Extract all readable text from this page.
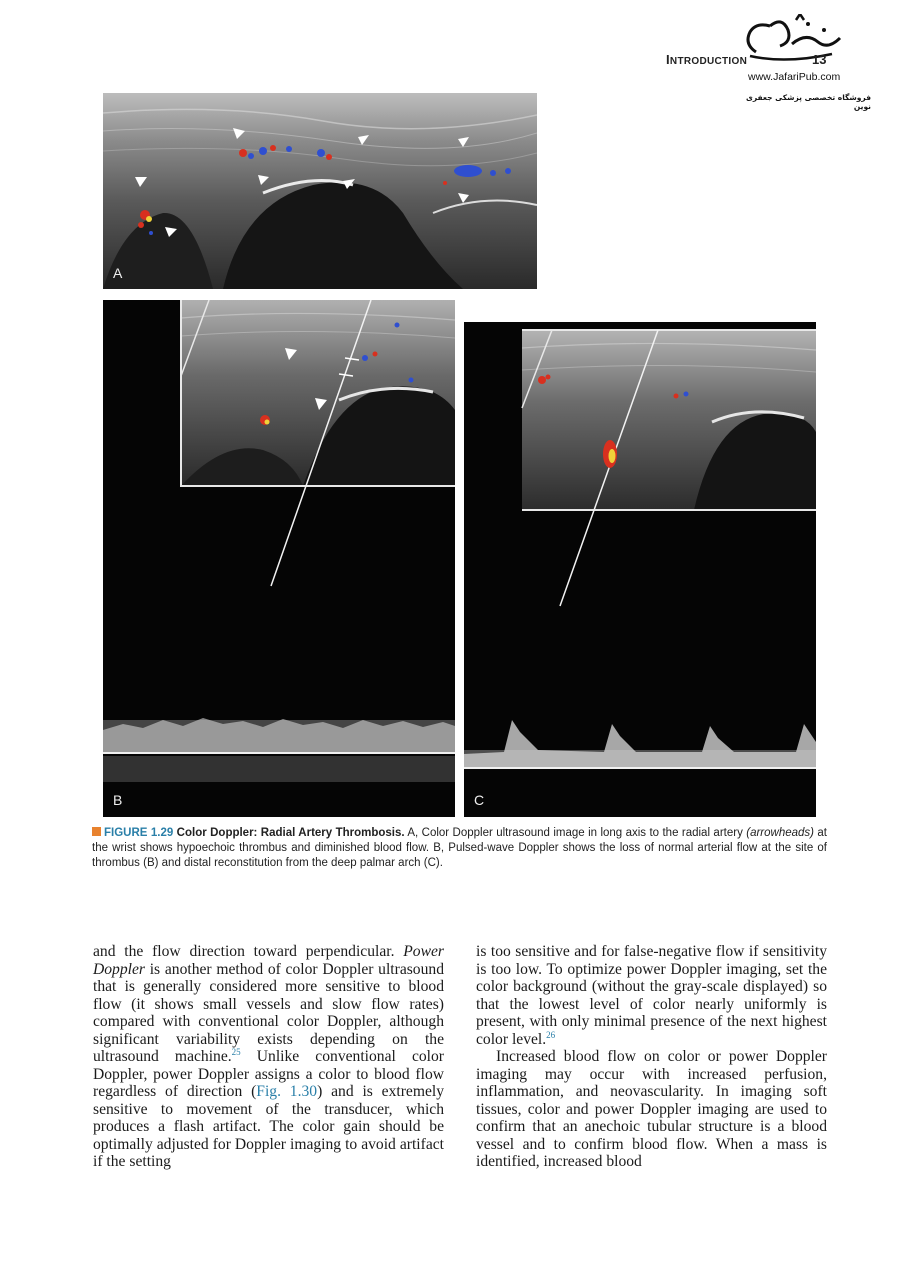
INTRODUCTION	13
www.JafariPub.com
فروشگاه تخصصی پزشکی جعفری نوین
A
B	C
FIGURE 1.29 Color Doppler: Radial Artery Thrombosis. A, Color Doppler ultrasound image in long axis to the radial artery (arrowheads) at the wrist shows hypoechoic thrombus and diminished blood flow. B, Pulsed-wave Doppler shows the loss of normal arterial flow at the site of thrombus (B) and distal reconstitution from the deep palmar arch (C).

and the flow direction toward perpendicular. Power Doppler is another method of color Doppler ultrasound that is generally considered more sensitive to blood flow (it shows small vessels and slow flow rates) compared with conventional color Doppler, although significant variability exists depending on the ultrasound machine.$^{25}$ Unlike conventional color Doppler, power Doppler assigns a color to blood flow regardless of direction (Fig. 1.30) and is extremely sensitive to movement of the transducer, which produces a flash artifact. The color gain should be optimally adjusted for Doppler imaging to avoid artifact if the setting

is too sensitive and for false-negative flow if sensitivity is too low. To optimize power Doppler imaging, set the color background (without the gray-scale displayed) so that the lowest level of color nearly uniformly is present, with only minimal presence of the next highest color level.$^{26}$

Increased blood flow on color or power Doppler imaging may occur with increased perfusion, inflammation, and neovascularity. In imaging soft tissues, color and power Doppler imaging are used to confirm that an anechoic tubular structure is a blood vessel and to confirm blood flow. When a mass is identified, increased blood
